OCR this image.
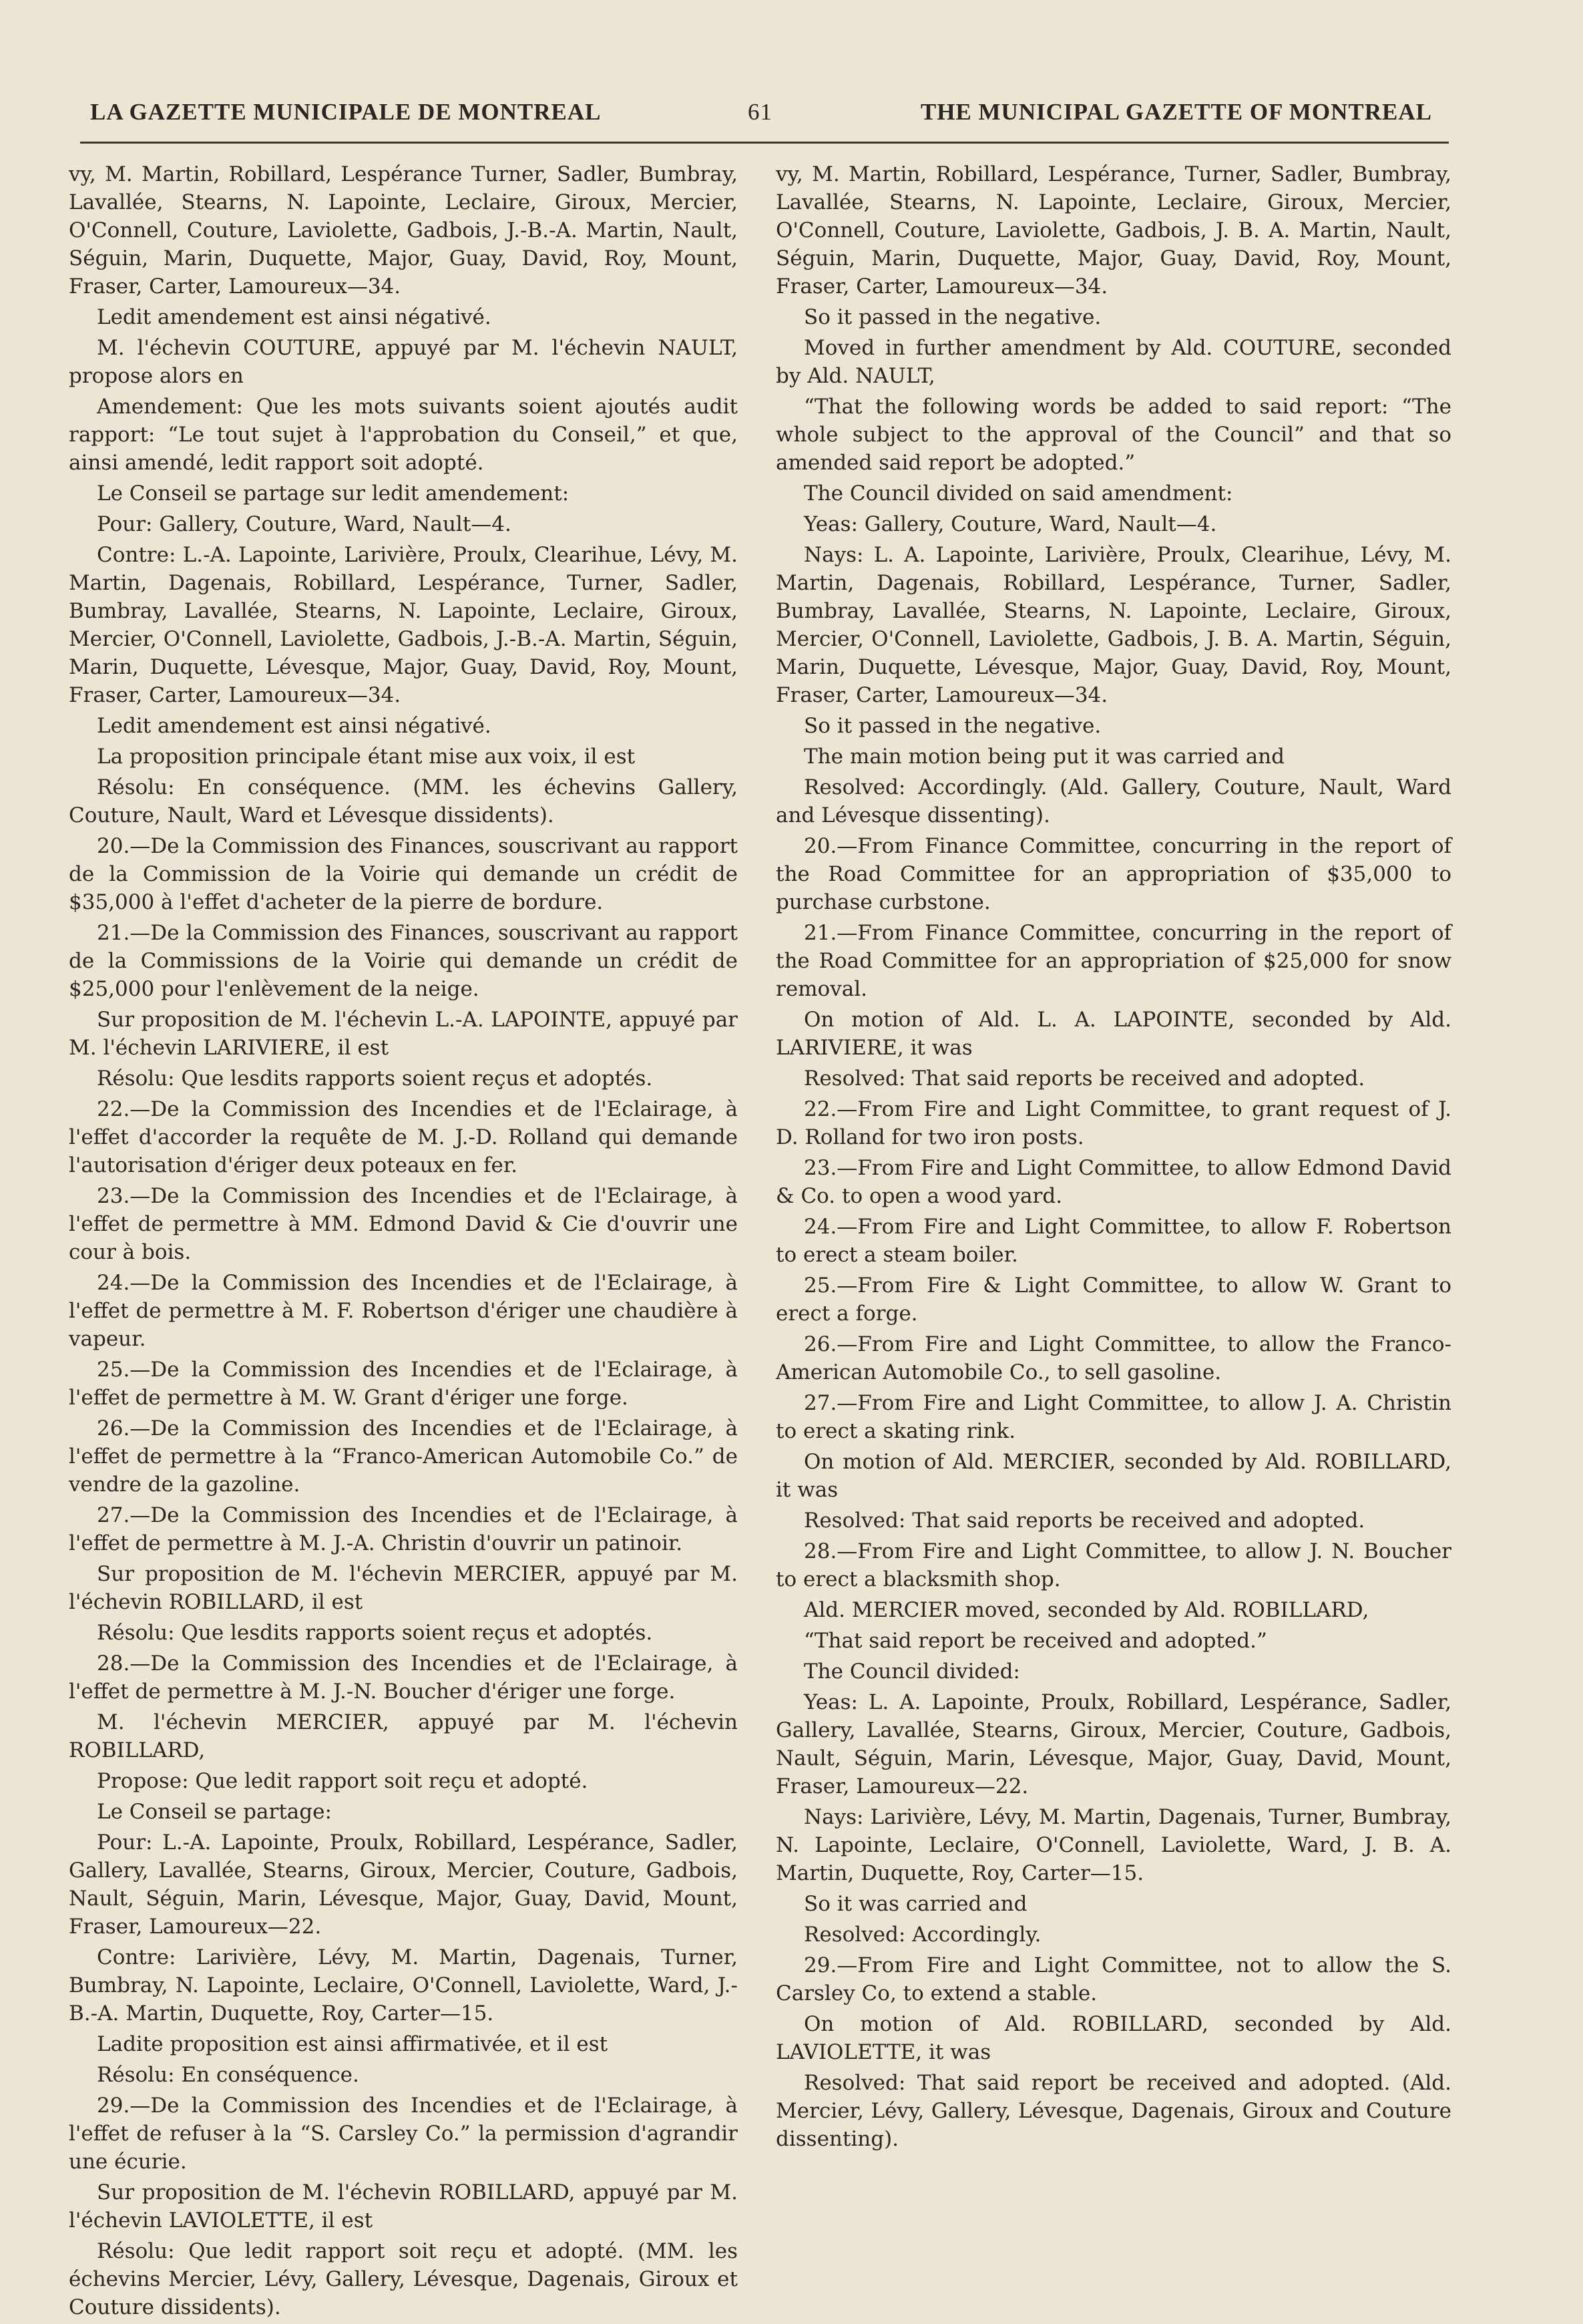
LA GAZETTE MUNICIPALE DE MONTREAL	61	THE MUNICIPAL GAZETTE OF MONTREAL

vy, M. Martin, Robillard, Lespérance Turner, Sadler, Bumbray, Lavallée, Stearns, N. Lapointe, Leclaire, Giroux, Mercier, O'Connell, Couture, Laviolette, Gadbois, J.-B.-A. Martin, Nault, Séguin, Marin, Duquette, Major, Guay, David, Roy, Mount, Fraser, Carter, Lamoureux—34.

Ledit amendement est ainsi négativé.

M. l'échevin COUTURE, appuyé par M. l'échevin NAULT, propose alors en

Amendement: Que les mots suivants soient ajoutés audit rapport: “Le tout sujet à l'approbation du Conseil,” et que, ainsi amendé, ledit rapport soit adopté.

Le Conseil se partage sur ledit amendement:

Pour: Gallery, Couture, Ward, Nault—4.

Contre: L.-A. Lapointe, Larivière, Proulx, Clearihue, Lévy, M. Martin, Dagenais, Robillard, Lespérance, Turner, Sadler, Bumbray, Lavallée, Stearns, N. Lapointe, Leclaire, Giroux, Mercier, O'Connell, Laviolette, Gadbois, J.-B.-A. Martin, Séguin, Marin, Duquette, Lévesque, Major, Guay, David, Roy, Mount, Fraser, Carter, Lamoureux—34.

Ledit amendement est ainsi négativé.

La proposition principale étant mise aux voix, il est

Résolu: En conséquence. (MM. les échevins Gallery, Couture, Nault, Ward et Lévesque dissidents).

20.—De la Commission des Finances, souscrivant au rapport de la Commission de la Voirie qui demande un crédit de $35,000 à l'effet d'acheter de la pierre de bordure.

21.—De la Commission des Finances, souscrivant au rapport de la Commissions de la Voirie qui demande un crédit de $25,000 pour l'enlèvement de la neige.

Sur proposition de M. l'échevin L.-A. LAPOINTE, appuyé par M. l'échevin LARIVIERE, il est

Résolu: Que lesdits rapports soient reçus et adoptés.

22.—De la Commission des Incendies et de l'Eclairage, à l'effet d'accorder la requête de M. J.-D. Rolland qui demande l'autorisation d'ériger deux poteaux en fer.

23.—De la Commission des Incendies et de l'Eclairage, à l'effet de permettre à MM. Edmond David & Cie d'ouvrir une cour à bois.

24.—De la Commission des Incendies et de l'Eclairage, à l'effet de permettre à M. F. Robertson d'ériger une chaudière à vapeur.

25.—De la Commission des Incendies et de l'Eclairage, à l'effet de permettre à M. W. Grant d'ériger une forge.

26.—De la Commission des Incendies et de l'Eclairage, à l'effet de permettre à la “Franco-American Automobile Co.” de vendre de la gazoline.

27.—De la Commission des Incendies et de l'Eclairage, à l'effet de permettre à M. J.-A. Christin d'ouvrir un patinoir.

Sur proposition de M. l'échevin MERCIER, appuyé par M. l'échevin ROBILLARD, il est

Résolu: Que lesdits rapports soient reçus et adoptés.

28.—De la Commission des Incendies et de l'Eclairage, à l'effet de permettre à M. J.-N. Boucher d'ériger une forge.

M. l'échevin MERCIER, appuyé par M. l'échevin ROBILLARD,

Propose: Que ledit rapport soit reçu et adopté.

Le Conseil se partage:

Pour: L.-A. Lapointe, Proulx, Robillard, Lespérance, Sadler, Gallery, Lavallée, Stearns, Giroux, Mercier, Couture, Gadbois, Nault, Séguin, Marin, Lévesque, Major, Guay, David, Mount, Fraser, Lamoureux—22.

Contre: Larivière, Lévy, M. Martin, Dagenais, Turner, Bumbray, N. Lapointe, Leclaire, O'Connell, Laviolette, Ward, J.-B.-A. Martin, Duquette, Roy, Carter—15.

Ladite proposition est ainsi affirmativée, et il est

Résolu: En conséquence.

29.—De la Commission des Incendies et de l'Eclairage, à l'effet de refuser à la “S. Carsley Co.” la permission d'agrandir une écurie.

Sur proposition de M. l'échevin ROBILLARD, appuyé par M. l'échevin LAVIOLETTE, il est

Résolu: Que ledit rapport soit reçu et adopté. (MM. les échevins Mercier, Lévy, Gallery, Lévesque, Dagenais, Giroux et Couture dissidents).

vy, M. Martin, Robillard, Lespérance, Turner, Sadler, Bumbray, Lavallée, Stearns, N. Lapointe, Leclaire, Giroux, Mercier, O'Connell, Couture, Laviolette, Gadbois, J. B. A. Martin, Nault, Séguin, Marin, Duquette, Major, Guay, David, Roy, Mount, Fraser, Carter, Lamoureux—34.

So it passed in the negative.

Moved in further amendment by Ald. COUTURE, seconded by Ald. NAULT,

“That the following words be added to said report: “The whole subject to the approval of the Council” and that so amended said report be adopted.”

The Council divided on said amendment:

Yeas: Gallery, Couture, Ward, Nault—4.

Nays: L. A. Lapointe, Larivière, Proulx, Clearihue, Lévy, M. Martin, Dagenais, Robillard, Lespérance, Turner, Sadler, Bumbray, Lavallée, Stearns, N. Lapointe, Leclaire, Giroux, Mercier, O'Connell, Laviolette, Gadbois, J. B. A. Martin, Séguin, Marin, Duquette, Lévesque, Major, Guay, David, Roy, Mount, Fraser, Carter, Lamoureux—34.

So it passed in the negative.

The main motion being put it was carried and

Resolved: Accordingly. (Ald. Gallery, Couture, Nault, Ward and Lévesque dissenting).

20.—From Finance Committee, concurring in the report of the Road Committee for an appropriation of $35,000 to purchase curbstone.

21.—From Finance Committee, concurring in the report of the Road Committee for an appropriation of $25,000 for snow removal.

On motion of Ald. L. A. LAPOINTE, seconded by Ald. LARIVIERE, it was

Resolved: That said reports be received and adopted.

22.—From Fire and Light Committee, to grant request of J. D. Rolland for two iron posts.

23.—From Fire and Light Committee, to allow Edmond David & Co. to open a wood yard.

24.—From Fire and Light Committee, to allow F. Robertson to erect a steam boiler.

25.—From Fire & Light Committee, to allow W. Grant to erect a forge.

26.—From Fire and Light Committee, to allow the Franco-American Automobile Co., to sell gasoline.

27.—From Fire and Light Committee, to allow J. A. Christin to erect a skating rink.

On motion of Ald. MERCIER, seconded by Ald. ROBILLARD, it was

Resolved: That said reports be received and adopted.

28.—From Fire and Light Committee, to allow J. N. Boucher to erect a blacksmith shop.

Ald. MERCIER moved, seconded by Ald. ROBILLARD,

“That said report be received and adopted.”

The Council divided:

Yeas: L. A. Lapointe, Proulx, Robillard, Lespérance, Sadler, Gallery, Lavallée, Stearns, Giroux, Mercier, Couture, Gadbois, Nault, Séguin, Marin, Lévesque, Major, Guay, David, Mount, Fraser, Lamoureux—22.

Nays: Larivière, Lévy, M. Martin, Dagenais, Turner, Bumbray, N. Lapointe, Leclaire, O'Connell, Laviolette, Ward, J. B. A. Martin, Duquette, Roy, Carter—15.

So it was carried and

Resolved: Accordingly.

29.—From Fire and Light Committee, not to allow the S. Carsley Co, to extend a stable.

On motion of Ald. ROBILLARD, seconded by Ald. LAVIOLETTE, it was

Resolved: That said report be received and adopted. (Ald. Mercier, Lévy, Gallery, Lévesque, Dagenais, Giroux and Couture dissenting).
